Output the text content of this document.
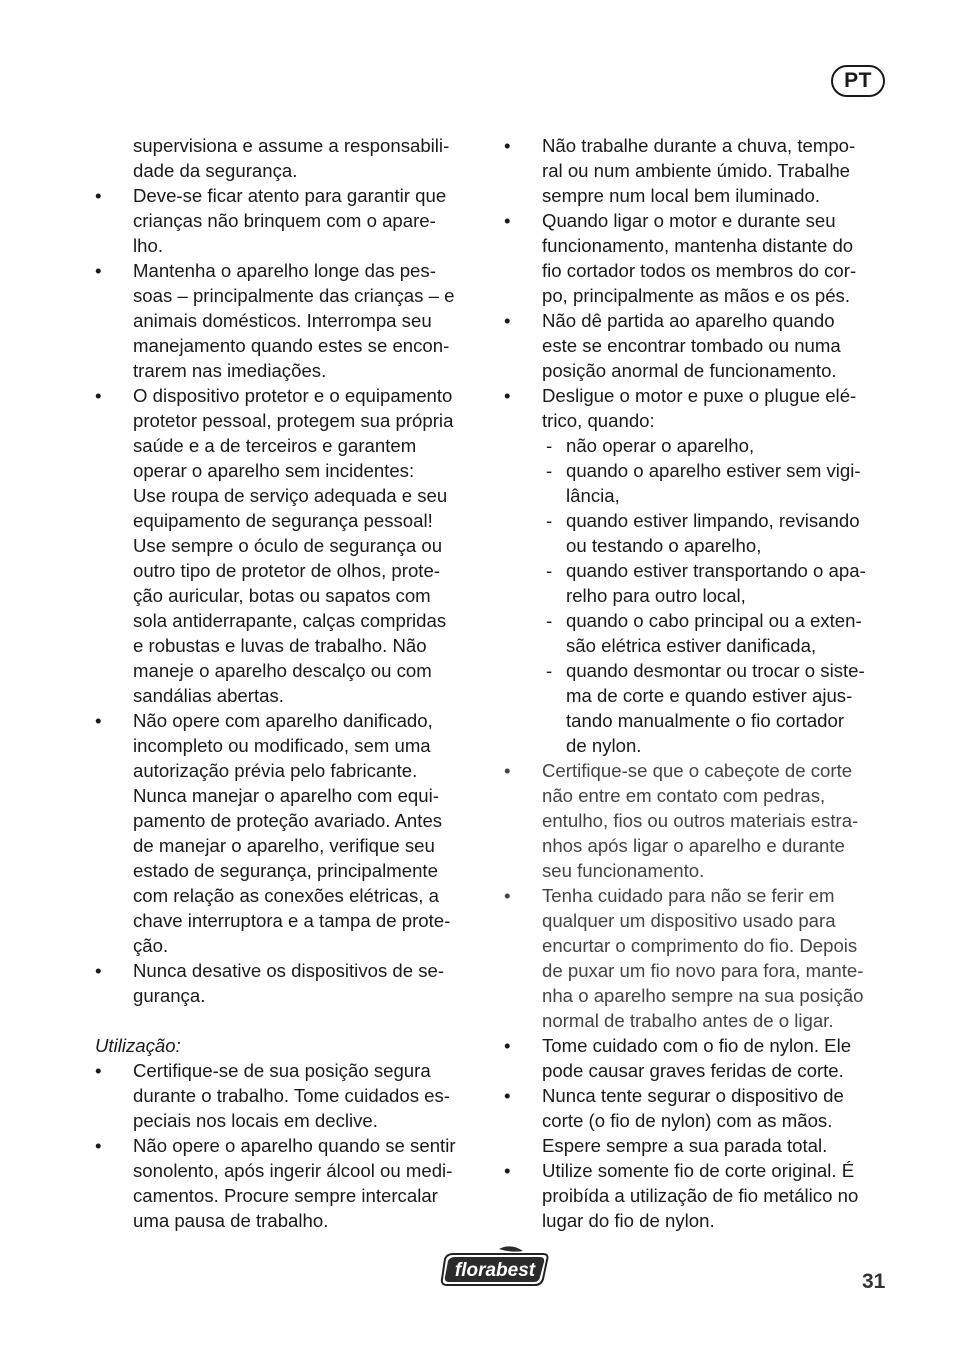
PT
supervisiona e assume a responsabili-
dade da segurança.
• Deve-se ficar atento para garantir que
crianças não brinquem com o apare-
lho.
• Mantenha o aparelho longe das pes-
soas – principalmente das crianças – e
animais domésticos. Interrompa seu
manejamento quando estes se encon-
trarem nas imediações.
• O dispositivo protetor e o equipamento
protetor pessoal, protegem sua própria
saúde e a de terceiros e garantem
operar o aparelho sem incidentes:
Use roupa de serviço adequada e seu
equipamento de segurança pessoal!
Use sempre o óculo de segurança ou
outro tipo de protetor de olhos, prote-
ção auricular, botas ou sapatos com
sola antiderrapante, calças compridas
e robustas e luvas de trabalho. Não
maneje o aparelho descalço ou com
sandálias abertas.
• Não opere com aparelho danificado,
incompleto ou modificado, sem uma
autorização prévia pelo fabricante.
Nunca manejar o aparelho com equi-
pamento de proteção avariado. Antes
de manejar o aparelho, verifique seu
estado de segurança, principalmente
com relação as conexões elétricas, a
chave interruptora e a tampa de prote-
ção.
• Nunca desative os dispositivos de se-
gurança.
Utilização:
• Certifique-se de sua posição segura
durante o trabalho. Tome cuidados es-
peciais nos locais em declive.
• Não opere o aparelho quando se sentir
sonolento, após ingerir álcool ou medi-
camentos. Procure sempre intercalar
uma pausa de trabalho.
• Não trabalhe durante a chuva, tempo-
ral ou num ambiente úmido. Trabalhe
sempre num local bem iluminado.
• Quando ligar o motor e durante seu
funcionamento, mantenha distante do
fio cortador todos os membros do cor-
po, principalmente as mãos e os pés.
• Não dê partida ao aparelho quando
este se encontrar tombado ou numa
posição anormal de funcionamento.
• Desligue o motor e puxe o plugue elé-
trico, quando:
- não operar o aparelho,
- quando o aparelho estiver sem vigi-
lância,
- quando estiver limpando, revisando
ou testando o aparelho,
- quando estiver transportando o apa-
relho para outro local,
- quando o cabo principal ou a exten-
são elétrica estiver danificada,
- quando desmontar ou trocar o siste-
ma de corte e quando estiver ajus-
tando manualmente o fio cortador
de nylon.
• Certifique-se que o cabeçote de corte
não entre em contato com pedras,
entulho, fios ou outros materiais estra-
nhos após ligar o aparelho e durante
seu funcionamento.
• Tenha cuidado para não se ferir em
qualquer um dispositivo usado para
encurtar o comprimento do fio. Depois
de puxar um fio novo para fora, mante-
nha o aparelho sempre na sua posição
normal de trabalho antes de o ligar.
• Tome cuidado com o fio de nylon. Ele
pode causar graves feridas de corte.
• Nunca tente segurar o dispositivo de
corte (o fio de nylon) com as mãos.
Espere sempre a sua parada total.
• Utilize somente fio de corte original. É
proibída a utilização de fio metálico no
lugar do fio de nylon.
florabest	31
